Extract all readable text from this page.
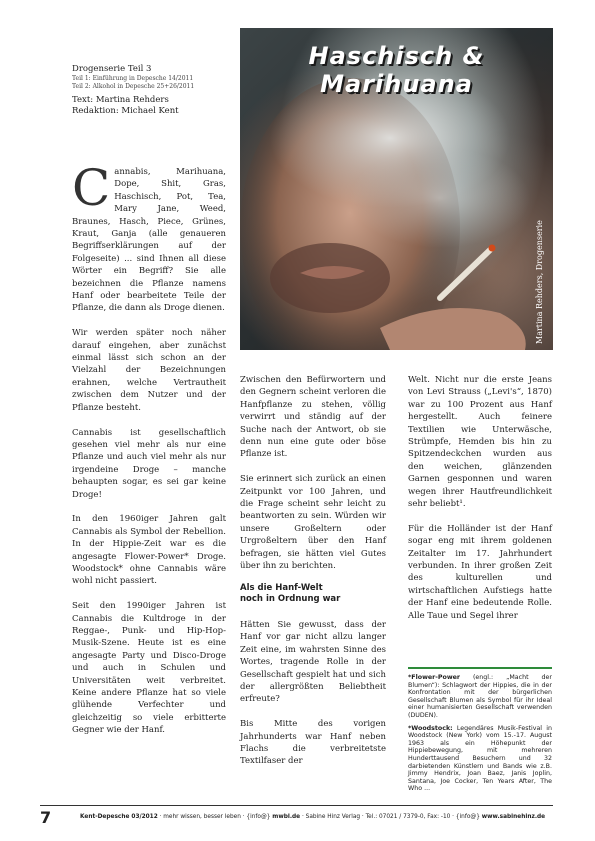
Drogenserie Teil 3
Teil 1: Einführung in Depesche 14/2011
Teil 2: Alkohol in Depesche 25+26/2011
Text: Martina Rehders
Redaktion: Michael Kent
Haschisch & Marihuana
Martina Rehders, Drogenserie

Cannabis, Marihuana, Dope, Shit, Gras, Haschisch, Pot, Tea, Mary Jane, Weed, Braunes, Hasch, Piece, Grünes, Kraut, Ganja (alle genaueren Begriffserklärungen auf der Folgeseite) ... sind Ihnen all diese Wörter ein Begriff? Sie alle bezeichnen die Pflanze namens Hanf oder bearbeitete Teile der Pflanze, die dann als Droge dienen.

Wir werden später noch näher darauf eingehen, aber zunächst einmal lässt sich schon an der Vielzahl der Bezeichnungen erahnen, welche Vertrautheit zwischen dem Nutzer und der Pflanze besteht.

Cannabis ist gesellschaftlich gesehen viel mehr als nur eine Pflanze und auch viel mehr als nur irgendeine Droge – manche behaupten sogar, es sei gar keine Droge!

In den 1960iger Jahren galt Cannabis als Symbol der Rebellion. In der Hippie-Zeit war es die angesagte Flower-Power* Droge. Woodstock* ohne Cannabis wäre wohl nicht passiert.

Seit den 1990iger Jahren ist Cannabis die Kultdroge in der Reggae-, Punk- und Hip-Hop-Musik-Szene. Heute ist es eine angesagte Party und Disco-Droge und auch in Schulen und Universitäten weit verbreitet. Keine andere Pflanze hat so viele glühende Verfechter und gleichzeitig so viele erbitterte Gegner wie der Hanf.

Zwischen den Befürwortern und den Gegnern scheint verloren die Hanfpflanze zu stehen, völlig verwirrt und ständig auf der Suche nach der Antwort, ob sie denn nun eine gute oder böse Pflanze ist.

Sie erinnert sich zurück an einen Zeitpunkt vor 100 Jahren, und die Frage scheint sehr leicht zu beantworten zu sein. Würden wir unsere Großeltern oder Urgroßeltern über den Hanf befragen, sie hätten viel Gutes über ihn zu berichten.

Als die Hanf-Welt
noch in Ordnung war

Hätten Sie gewusst, dass der Hanf vor gar nicht allzu langer Zeit eine, im wahrsten Sinne des Wortes, tragende Rolle in der Gesellschaft gespielt hat und sich der allergrößten Beliebtheit erfreute?

Bis Mitte des vorigen Jahrhunderts war Hanf neben Flachs die verbreitetste Textilfaser der

Welt. Nicht nur die erste Jeans von Levi Strauss („Levi's“, 1870) war zu 100 Prozent aus Hanf hergestellt. Auch feinere Textilien wie Unterwäsche, Strümpfe, Hemden bis hin zu Spitzendeckchen wurden aus den weichen, glänzenden Garnen gesponnen und waren wegen ihrer Hautfreundlichkeit sehr beliebt¹.

Für die Holländer ist der Hanf sogar eng mit ihrem goldenen Zeitalter im 17. Jahrhundert verbunden. In ihrer großen Zeit des kulturellen und wirtschaftlichen Aufstiegs hatte der Hanf eine bedeutende Rolle. Alle Taue und Segel ihrer

*Flower-Power (engl.: „Macht der Blumen“): Schlagwort der Hippies, die in der Konfrontation mit der bürgerlichen Gesellschaft Blumen als Symbol für ihr Ideal einer humanisierten Gesellschaft verwenden (DUDEN).

*Woodstock: Legendäres Musik-Festival in Woodstock (New York) vom 15.-17. August 1963 als ein Höhepunkt der Hippiebewegung, mit mehreren Hunderttausend Besuchern und 32 darbietenden Künstlern und Bands wie z.B. Jimmy Hendrix, Joan Baez, Janis Joplin, Santana, Joe Cocker, Ten Years After, The Who ...

7	Kent-Depesche 03/2012 · mehr wissen, besser leben · {info@} mwbl.de · Sabine Hinz Verlag · Tel.: 07021 / 7379-0, Fax: -10 · {info@} www.sabinehinz.de
